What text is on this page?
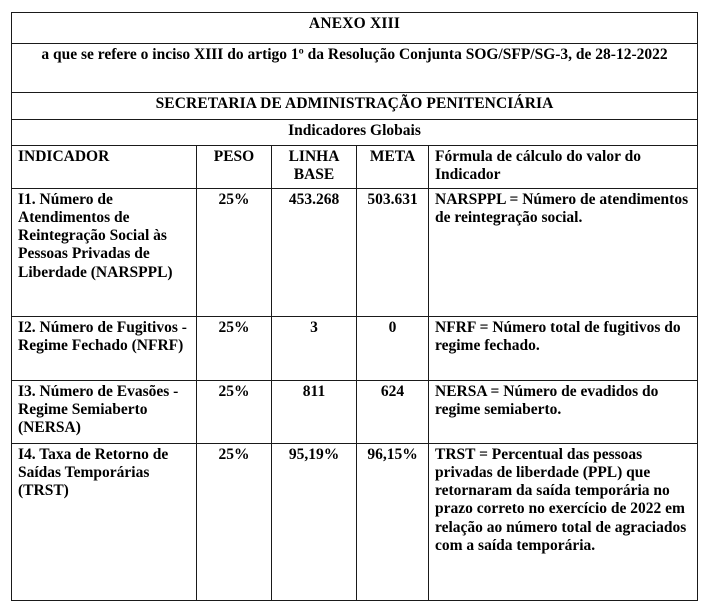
ANEXO XIII				
a que se refere o inciso XIII do artigo 1º da Resolução Conjunta SOG/SFP/SG-3, de 28-12-2022				
SECRETARIA DE ADMINISTRAÇÃO PENITENCIÁRIA				
Indicadores Globais				
INDICADOR	PESO	LINHA BASE	META	Fórmula de cálculo do valor do Indicador
I1. Número de Atendimentos de Reintegração Social às Pessoas Privadas de Liberdade (NARSPPL)	25%	453.268	503.631	NARSPPL = Número de atendimentos de reintegração social.
I2. Número de Fugitivos - Regime Fechado (NFRF)	25%	3	0	NFRF = Número total de fugitivos do regime fechado.
I3. Número de Evasões - Regime Semiaberto (NERSA)	25%	811	624	NERSA = Número de evadidos do regime semiaberto.
I4. Taxa de Retorno de Saídas Temporárias (TRST)	25%	95,19%	96,15%	TRST = Percentual das pessoas privadas de liberdade (PPL) que retornaram da saída temporária no prazo correto no exercício de 2022 em relação ao número total de agraciados com a saída temporária.
